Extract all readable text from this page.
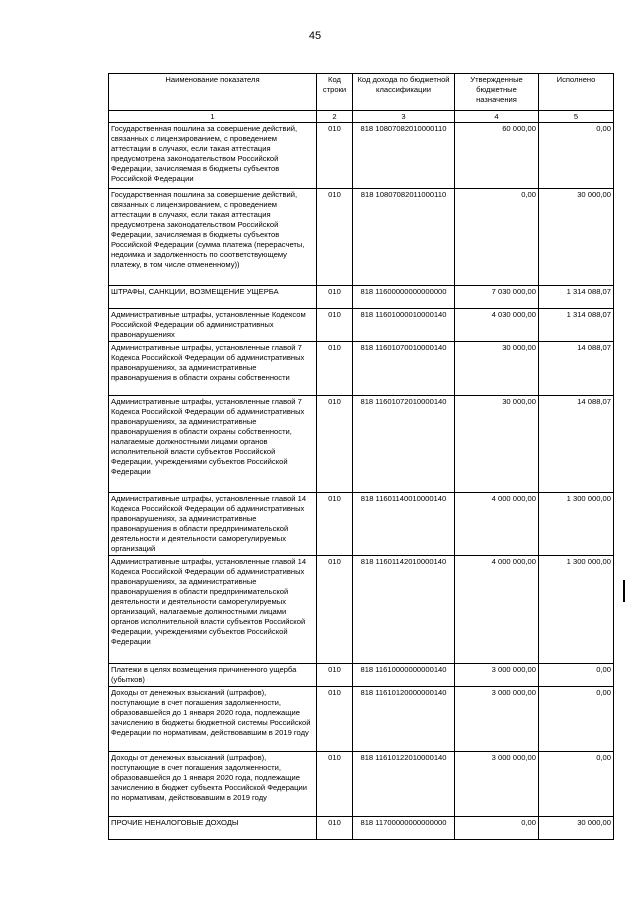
45
Наименование показателя	Код строки	Код дохода по бюджетной классификации	Утвержденные бюджетные назначения	Исполнено
1	2	3	4	5
Государственная пошлина за совершение действий, связанных с лицензированием, с проведением аттестации в случаях, если такая аттестация предусмотрена законодательством Российской Федерации, зачисляемая в бюджеты субъектов Российской Федерации	010	818 10807082010000110	60 000,00	0,00
Государственная пошлина за совершение действий, связанных с лицензированием, с проведением аттестации в случаях, если такая аттестация предусмотрена законодательством Российской Федерации, зачисляемая в бюджеты субъектов Российской Федерации (сумма платежа (перерасчеты, недоимка и задолженность по соответствующему платежу, в том числе отмененному))	010	818 10807082011000110	0,00	30 000,00
ШТРАФЫ, САНКЦИИ, ВОЗМЕЩЕНИЕ УЩЕРБА	010	818 11600000000000000	7 030 000,00	1 314 088,07
Административные штрафы, установленные Кодексом Российской Федерации об административных правонарушениях	010	818 11601000010000140	4 030 000,00	1 314 088,07
Административные штрафы, установленные главой 7 Кодекса Российской Федерации об административных правонарушениях, за административные правонарушения в области охраны собственности	010	818 11601070010000140	30 000,00	14 088,07
Административные штрафы, установленные главой 7 Кодекса Российской Федерации об административных правонарушениях, за административные правонарушения в области охраны собственности, налагаемые должностными лицами органов исполнительной власти субъектов Российской Федерации, учреждениями субъектов Российской Федерации	010	818 11601072010000140	30 000,00	14 088,07
Административные штрафы, установленные главой 14 Кодекса Российской Федерации об административных правонарушениях, за административные правонарушения в области предпринимательской деятельности и деятельности саморегулируемых организаций	010	818 11601140010000140	4 000 000,00	1 300 000,00
Административные штрафы, установленные главой 14 Кодекса Российской Федерации об административных правонарушениях, за административные правонарушения в области предпринимательской деятельности и деятельности саморегулируемых организаций, налагаемые должностными лицами органов исполнительной власти субъектов Российской Федерации, учреждениями субъектов Российской Федерации	010	818 11601142010000140	4 000 000,00	1 300 000,00
Платежи в целях возмещения причиненного ущерба (убытков)	010	818 11610000000000140	3 000 000,00	0,00
Доходы от денежных взысканий (штрафов), поступающие в счет погашения задолженности, образовавшейся до 1 января 2020 года, подлежащие зачислению в бюджеты бюджетной системы Российской Федерации по нормативам, действовавшим в 2019 году	010	818 11610120000000140	3 000 000,00	0,00
Доходы от денежных взысканий (штрафов), поступающие в счет погашения задолженности, образовавшейся до 1 января 2020 года, подлежащие зачислению в бюджет субъекта Российской Федерации по нормативам, действовавшим в 2019 году	010	818 11610122010000140	3 000 000,00	0,00
ПРОЧИЕ НЕНАЛОГОВЫЕ ДОХОДЫ	010	818 11700000000000000	0,00	30 000,00
